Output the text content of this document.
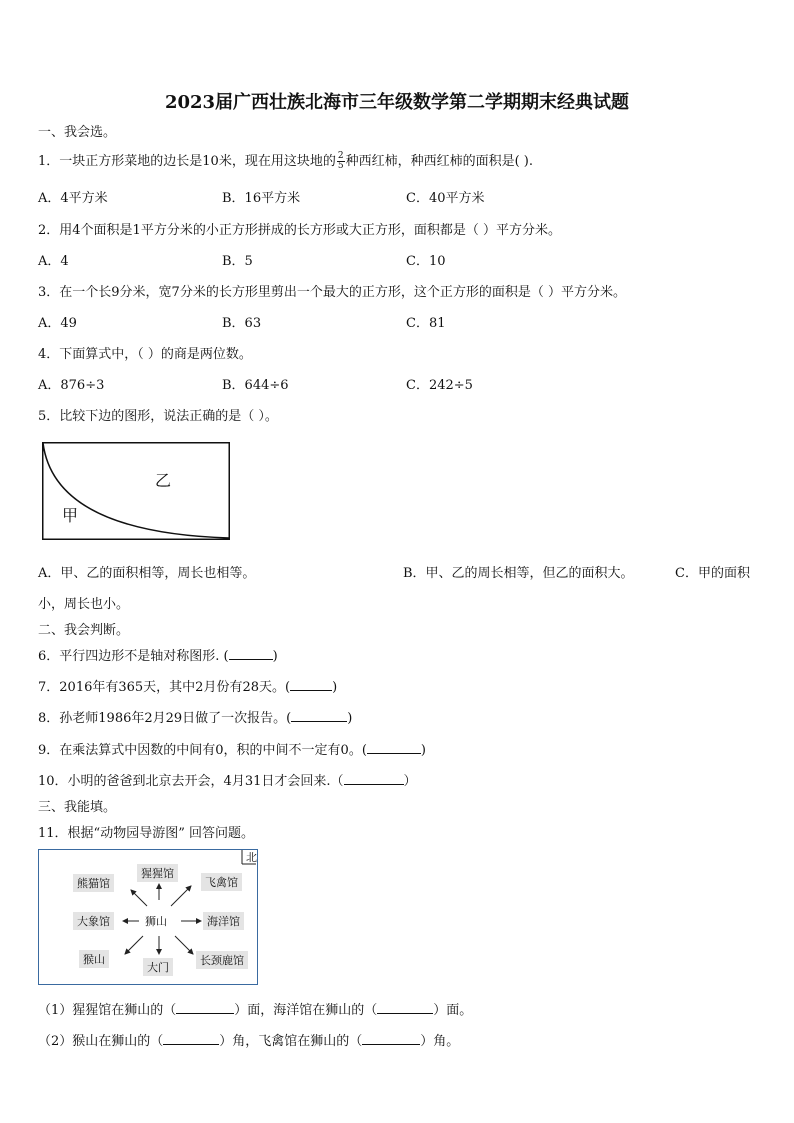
2023届广西壮族北海市三年级数学第二学期期末经典试题
一、我会选。
1．一块正方形菜地的边长是10米，现在用这块地的 $\frac{2}{5}$ 种西红柿，种西红柿的面积是( ).
A．4平方米	B．16平方米	C．40平方米
2．用4个面积是1平方分米的小正方形拼成的长方形或大正方形，面积都是（ ）平方分米。
A．4	B．5	C．10
3．在一个长9分米，宽7分米的长方形里剪出一个最大的正方形，这个正方形的面积是（ ）平方分米。
A．49	B．63	C．81
4．下面算式中，（ ）的商是两位数。
A．876÷3	B．644÷6	C．242÷5
5．比较下边的图形，说法正确的是（ ）。
乙
甲
A．甲、乙的面积相等，周长也相等。	B．甲、乙的周长相等，但乙的面积大。	C．甲的面积
小，周长也小。
二、我会判断。
6．平行四边形不是轴对称图形. (	)
7．2016年有365天，其中2月份有28天。(	)
8．孙老师1986年2月29日做了一次报告。(	)
9．在乘法算式中因数的中间有0，积的中间不一定有0。(	)
10．小明的爸爸到北京去开会，4月31日才会回来.（	）
三、我能填。
11．根据“动物园导游图” 回答问题。
北
熊猫馆
猩猩馆
飞禽馆
大象馆	狮山	海洋馆
猴山
大门
长颈鹿馆
（1）猩猩馆在狮山的（	）面，海洋馆在狮山的（	）面。
（2）猴山在狮山的（	）角，飞禽馆在狮山的（	）角。
